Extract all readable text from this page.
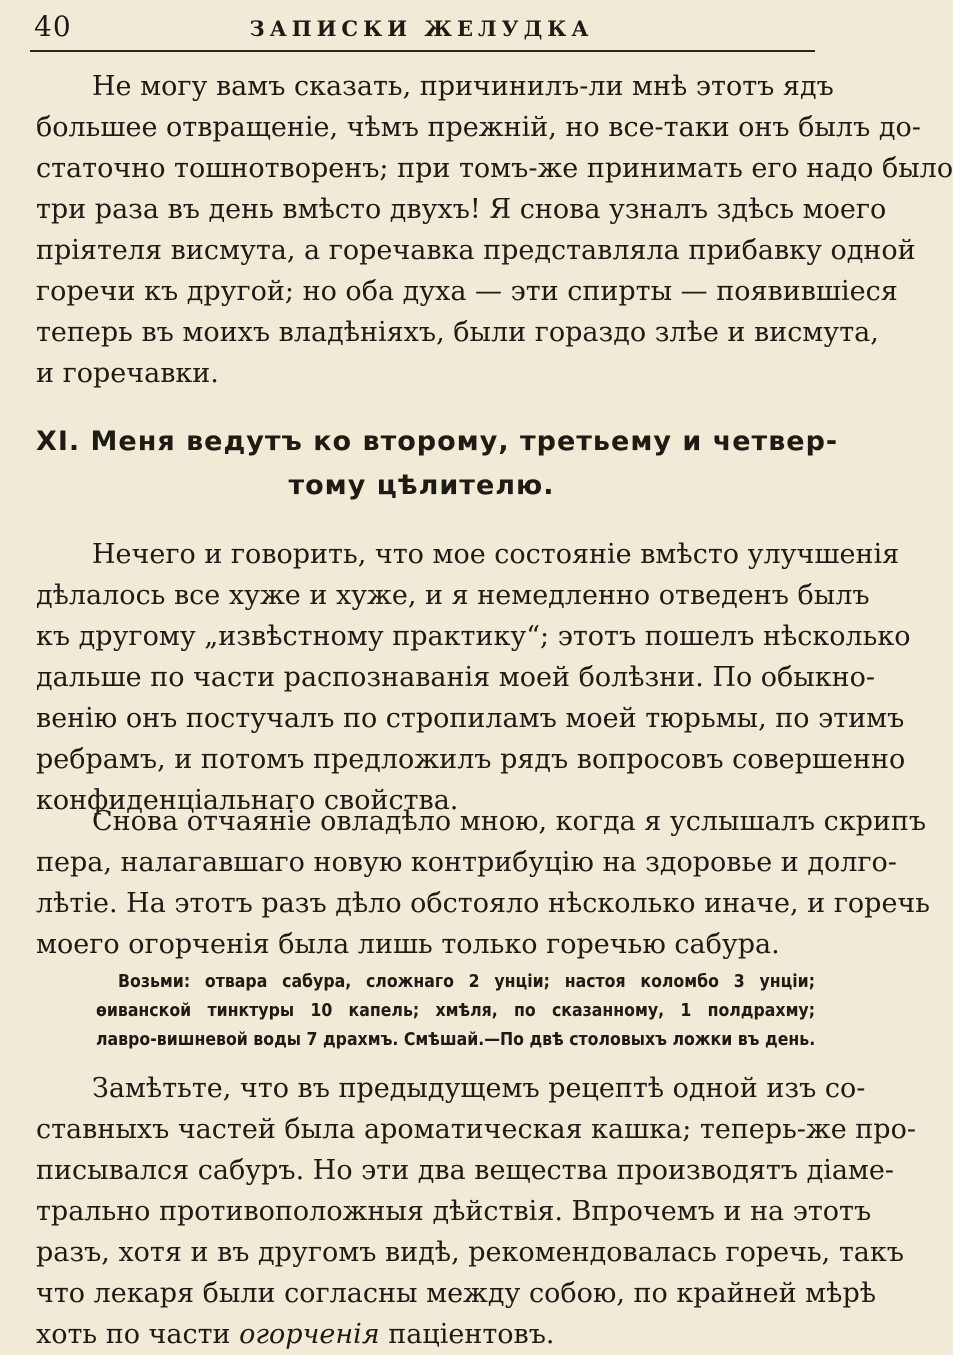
40	ЗАПИСКИ ЖЕЛУДКА

Не могу вамъ сказать, причинилъ-ли мнѣ этотъ ядъ
большее отвращеніе, чѣмъ прежній, но все-таки онъ былъ до-
статочно тошнотворенъ; при томъ-же принимать его надо было
три раза въ день вмѣсто двухъ! Я снова узналъ здѣсь моего
пріятеля висмута, а горечавка представляла прибавку одной
горечи къ другой; но оба духа — эти спирты — появившіеся
теперь въ моихъ владѣніяхъ, были гораздо злѣе и висмута,
и горечавки.

XI. Меня ведутъ ко второму, третьему и четвер-
тому цѣлителю.

Нечего и говорить, что мое состояніе вмѣсто улучшенія
дѣлалось все хуже и хуже, и я немедленно отведенъ былъ
къ другому „извѣстному практику“; этотъ пошелъ нѣсколько
дальше по части распознаванія моей болѣзни. По обыкно-
венію онъ постучалъ по стропиламъ моей тюрьмы, по этимъ
ребрамъ, и потомъ предложилъ рядъ вопросовъ совершенно
конфиденціальнаго свойства.

Снова отчаяніе овладѣло мною, когда я услышалъ скрипъ
пера, налагавшаго новую контрибуцію на здоровье и долго-
лѣтіе. На этотъ разъ дѣло обстояло нѣсколько иначе, и горечь
моего огорченія была лишь только горечью сабура.

Возьми: отвара сабура, сложнаго 2 унціи; настоя коломбо 3 унціи;
ѳиванской тинктуры 10 капель; хмѣля, по сказанному, 1 полдрахму;
лавро-вишневой воды 7 драхмъ. Смѣшай.—По двѣ столовыхъ ложки въ день.

Замѣтьте, что въ предыдущемъ рецептѣ одной изъ со-
ставныхъ частей была ароматическая кашка; теперь-же про-
писывался сабуръ. Но эти два вещества производятъ діаме-
трально противоположныя дѣйствія. Впрочемъ и на этотъ
разъ, хотя и въ другомъ видѣ, рекомендовалась горечь, такъ
что лекаря были согласны между собою, по крайней мѣрѣ
хоть по части огорченія паціентовъ.
